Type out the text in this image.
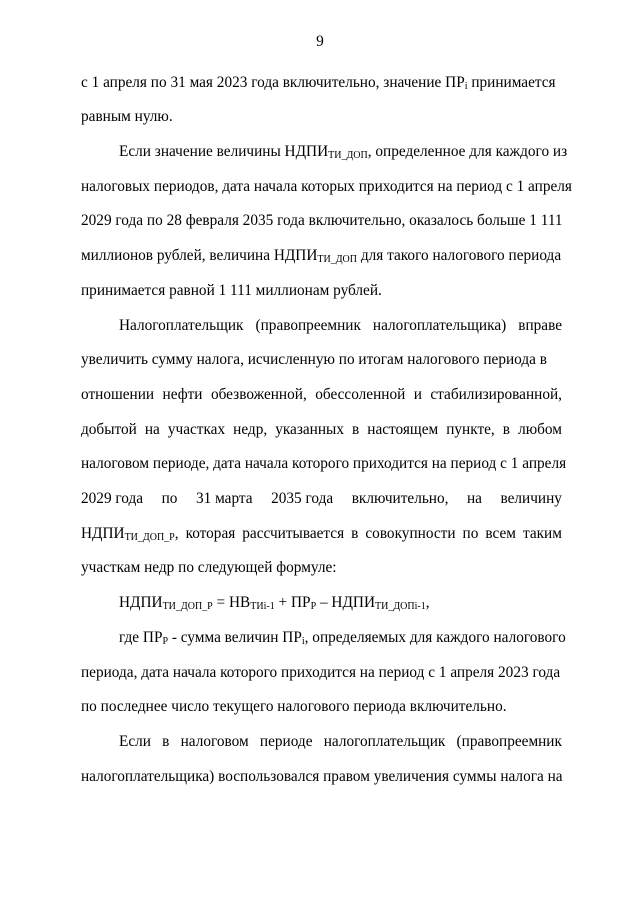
9
с 1 апреля по 31 мая 2023 года включительно, значение $ПР_i$ принимается
равным нулю.
Если значение величины $НДПИ_{ТИ\_ДОП}$, определенное для каждого из
налоговых периодов, дата начала которых приходится на период с 1 апреля
2029 года по 28 февраля 2035 года включительно, оказалось больше 1 111
миллионов рублей, величина $НДПИ_{ТИ\_ДОП}$ для такого налогового периода
принимается равной 1 111 миллионам рублей.
Налогоплательщик (правопреемник налогоплательщика) вправе
увеличить сумму налога, исчисленную по итогам налогового периода в
отношении нефти обезвоженной, обессоленной и стабилизированной,
добытой на участках недр, указанных в настоящем пункте, в любом
налоговом периоде, дата начала которого приходится на период с 1 апреля
2029 года по 31 марта 2035 года включительно, на величину
$НДПИ_{ТИ\_ДОП\_Р}$, которая рассчитывается в совокупности по всем таким
участкам недр по следующей формуле:
$НДПИ_{ТИ\_ДОП\_Р} = НВ_{ТИi-1} + ПР_Р$ – $НДПИ_{ТИ\_ДОПi-1}$,
где $ПР_Р$ - сумма величин $ПР_i$, определяемых для каждого налогового
периода, дата начала которого приходится на период с 1 апреля 2023 года
по последнее число текущего налогового периода включительно.
Если в налоговом периоде налогоплательщик (правопреемник
налогоплательщика) воспользовался правом увеличения суммы налога на
